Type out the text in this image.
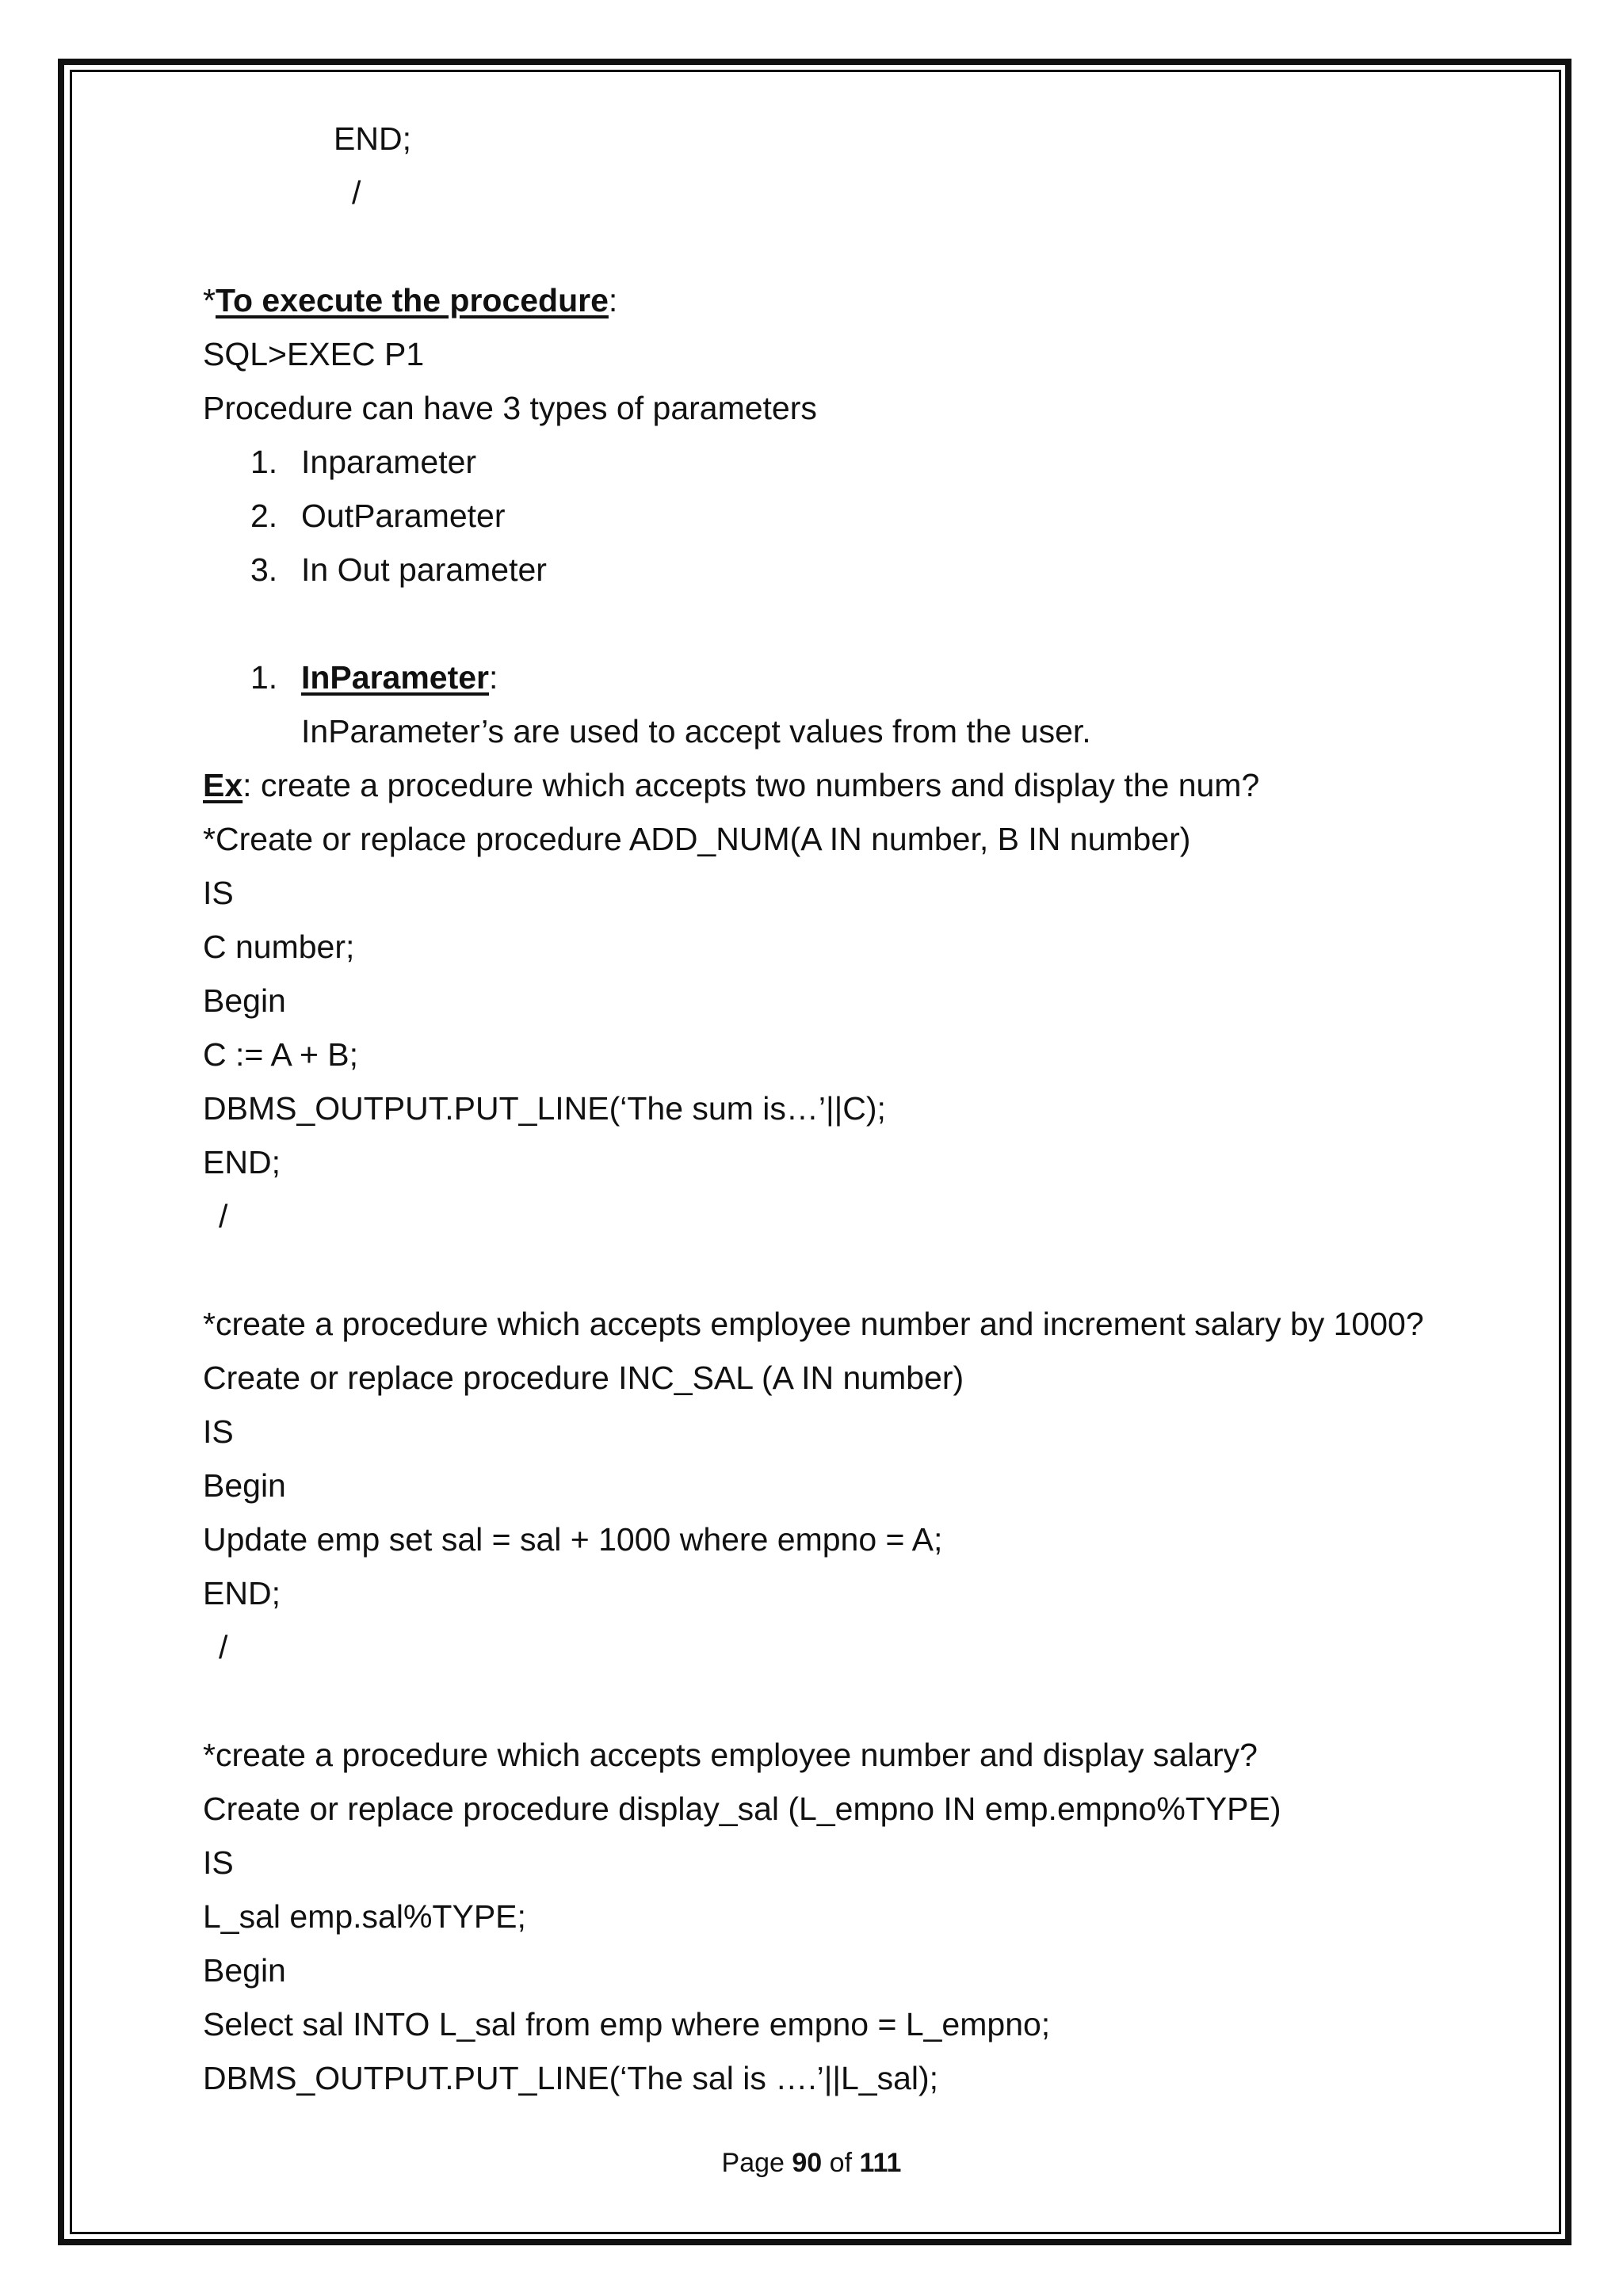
END;
/
*To execute the procedure:
SQL>EXEC P1
Procedure can have 3 types of parameters
1. Inparameter
2. OutParameter
3. In Out parameter
1. InParameter:
InParameter’s are used to accept values from the user.
Ex: create a procedure which accepts two numbers and display the num?
*Create or replace procedure ADD_NUM(A IN number, B IN number)
IS
C number;
Begin
C := A + B;
DBMS_OUTPUT.PUT_LINE(‘The sum is…’||C);
END;
/
*create a procedure which accepts employee number and increment salary by 1000?
Create or replace procedure INC_SAL (A IN number)
IS
Begin
Update emp set sal = sal + 1000 where empno = A;
END;
/
*create a procedure which accepts employee number and display salary?
Create or replace procedure display_sal (L_empno IN emp.empno%TYPE)
IS
L_sal emp.sal%TYPE;
Begin
Select sal INTO L_sal from emp where empno = L_empno;
DBMS_OUTPUT.PUT_LINE(‘The sal is ….’||L_sal);
Page 90 of 111
